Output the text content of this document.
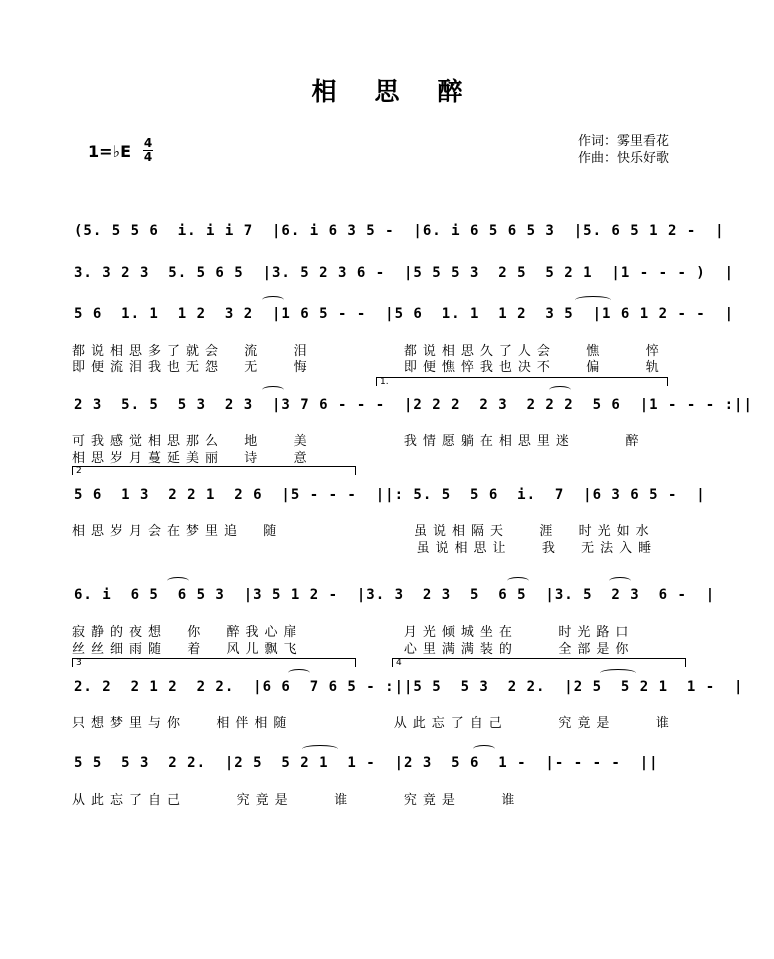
相思醉
1=♭E 4
4
作词：雾里看花
作曲：快乐好歌
(5. 5 5 6  i. i i 7  |6. i 6 3 5 -  |6. i 6 5 6 5 3  |5. 6 5 1 2 -  |
3. 3 2 3  5. 5 6 5  |3. 5 2 3 6 -  |5 5 5 3  2 5  5 2 1  |1 - - - )  |
5 6  1. 1  1 2  3 2  |1 6 5 - -  |5 6  1. 1  1 2  3 5  |1 6 1 2 - -  |
都说相思多了就会  流   泪         都说相思久了人会   憔    悴
即便流泪我也无怨  无   悔         即便憔悴我也决不   偏    轨
1.
2 3  5. 5  5 3  2 3  |3 7 6 - - -  |2 2 2  2 3  2 2 2  5 6  |1 - - - :||
可我感觉相思那么  地   美         我情愿躺在相思里迷     醉
相思岁月蔓延美丽  诗   意
2
5 6  1 3  2 2 1  2 6  |5 - - -  ||: 5. 5  5 6  i.  7  |6 3 6 5 -  |
相思岁月会在梦里追  随             虽说相隔天   涯  时光如水
虽说相思让   我  无法入睡
6. i  6 5  6 5 3  |3 5 1 2 -  |3. 3  2 3  5  6 5  |3. 5  2 3  6 -  |
寂静的夜想  你  醉我心扉          月光倾城坐在    时光路口
丝丝细雨随  着  风儿飘飞          心里满满装的    全部是你
3	4
2. 2  2 1 2  2 2.  |6 6  7 6 5 - :||5 5  5 3  2 2.  |2 5  5 2 1  1 -  |
只想梦里与你   相伴相随          从此忘了自己     究竟是    谁
5 5  5 3  2 2.  |2 5  5 2 1  1 -  |2 3  5 6  1 -  |- - - -  ||
从此忘了自己     究竟是    谁     究竟是    谁
